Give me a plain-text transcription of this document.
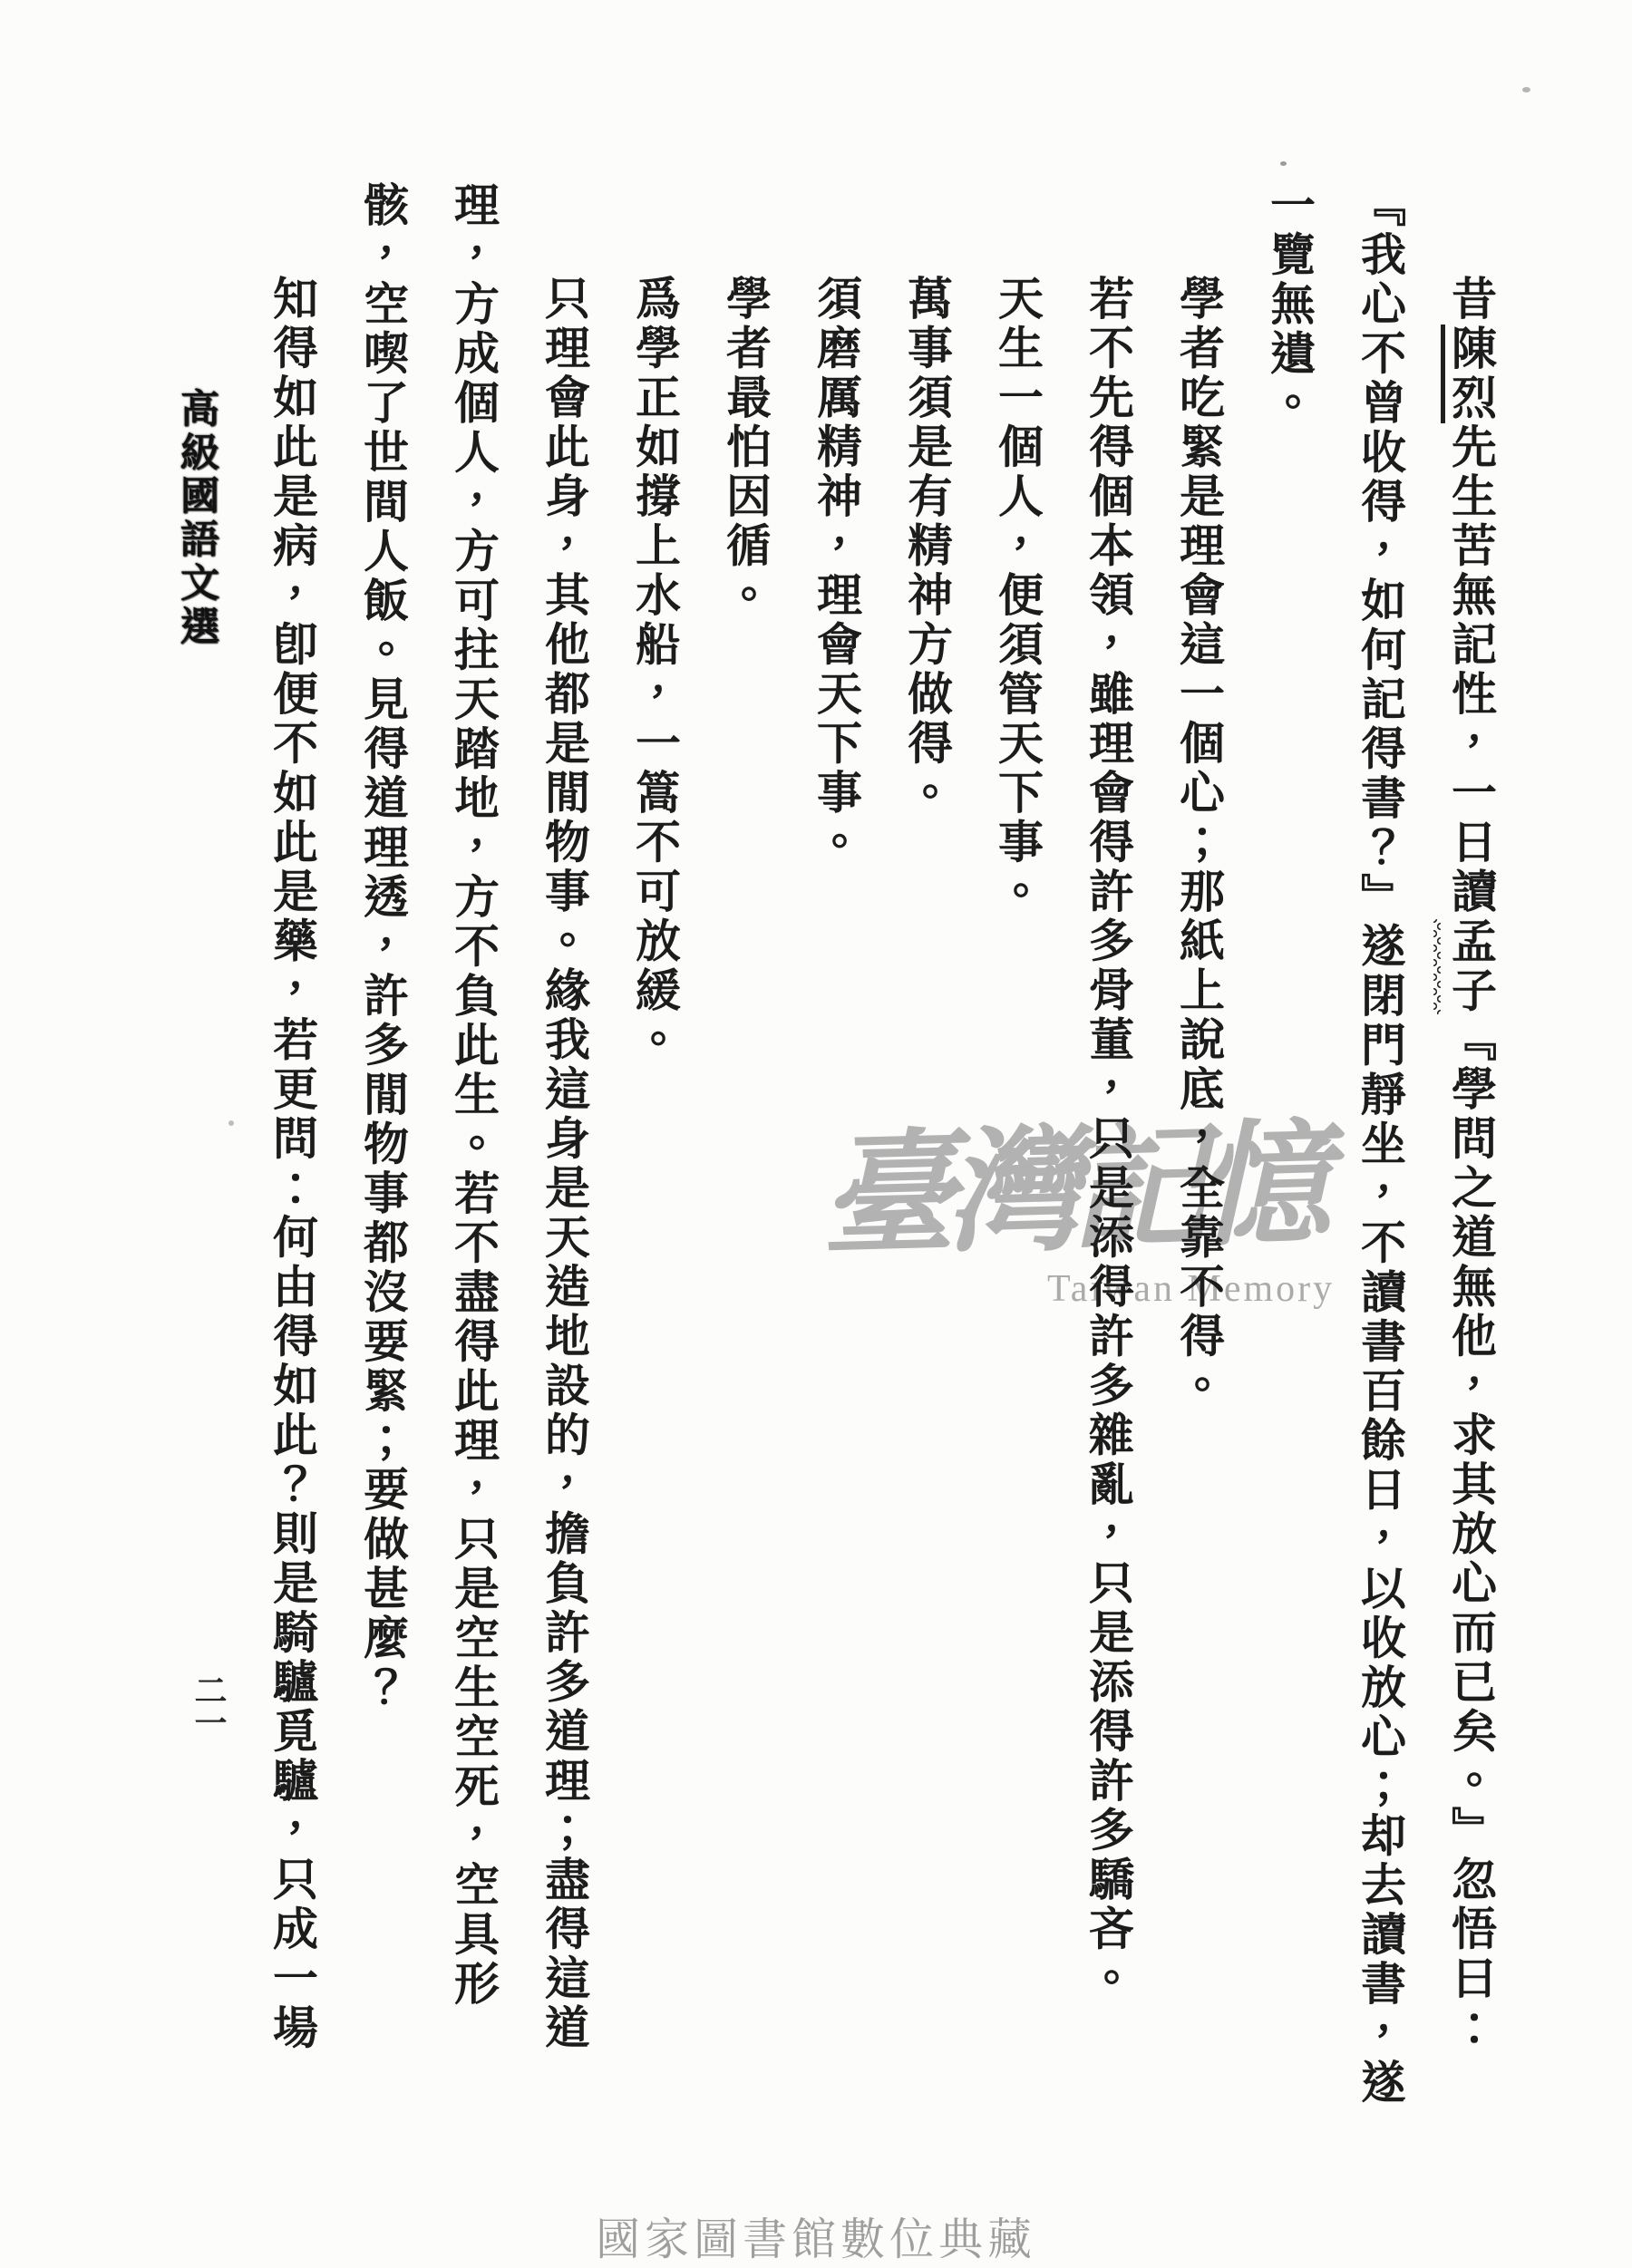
臺灣記憶
Taiwan Memory
昔陳烈先生苦無記性，一日讀孟子『學問之道無他，求其放心而已矣。』忽悟曰：
『我心不曾收得，如何記得書？』遂閉門靜坐，不讀書百餘日，以收放心；却去讀書，遂
一覽無遺。
學者吃緊是理會這一個心；那紙上說底，全靠不得。
若不先得個本領，雖理會得許多骨董，只是添得許多雜亂，只是添得許多驕吝。
天生一個人，便須管天下事。
萬事須是有精神方做得。
須磨厲精神，理會天下事。
學者最怕因循。
爲學正如撐上水船，一篙不可放緩。
只理會此身，其他都是閒物事。緣我這身是天造地設的，擔負許多道理；盡得這道
理，方成個人，方可拄天踏地，方不負此生。若不盡得此理，只是空生空死，空具形
骸，空喫了世間人飯。見得道理透，許多閒物事都沒要緊；要做甚麼？
知得如此是病，卽便不如此是藥，若更問：何由得如此？則是騎驢覓驢，只成一場
高級國語文選
二一
國家圖書館數位典藏
